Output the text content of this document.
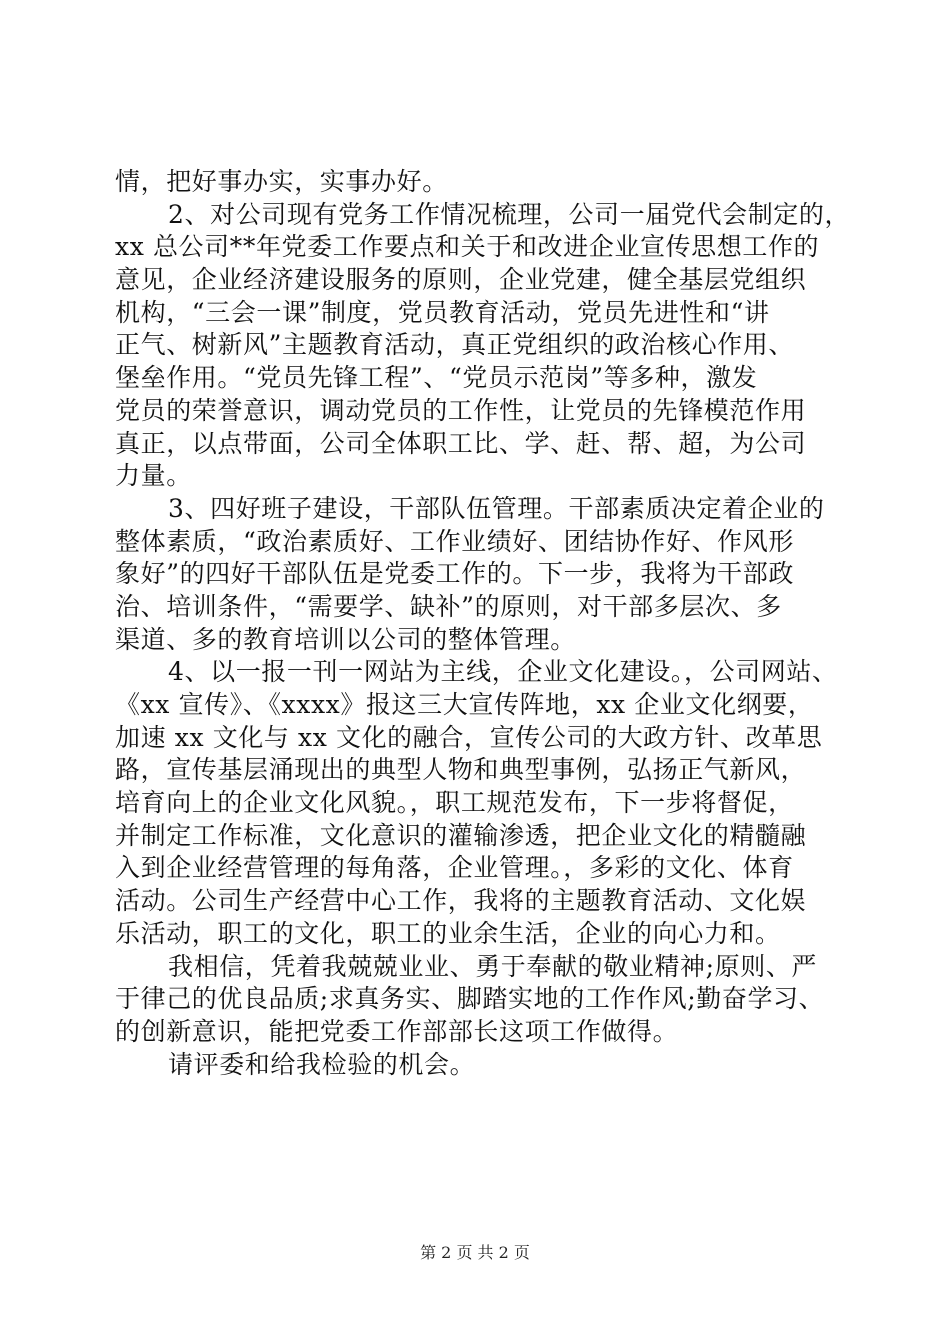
情，把好事办实，实事办好。
2、对公司现有党务工作情况梳理，公司一届党代会制定的，
xx 总公司**年党委工作要点和关于和改进企业宣传思想工作的
意见，企业经济建设服务的原则，企业党建，健全基层党组织
机构，“三会一课”制度，党员教育活动，党员先进性和“讲
正气、树新风”主题教育活动，真正党组织的政治核心作用、
堡垒作用。“党员先锋工程”、“党员示范岗”等多种，激发
党员的荣誉意识，调动党员的工作性，让党员的先锋模范作用
真正，以点带面，公司全体职工比、学、赶、帮、超，为公司
力量。
3、四好班子建设，干部队伍管理。干部素质决定着企业的
整体素质，“政治素质好、工作业绩好、团结协作好、作风形
象好”的四好干部队伍是党委工作的。下一步，我将为干部政
治、培训条件，“需要学、缺补”的原则，对干部多层次、多
渠道、多的教育培训以公司的整体管理。
4、以一报一刊一网站为主线，企业文化建设。，公司网站、
《xx 宣传》、《xxxx》报这三大宣传阵地，xx 企业文化纲要，
加速 xx 文化与 xx 文化的融合，宣传公司的大政方针、改革思
路，宣传基层涌现出的典型人物和典型事例，弘扬正气新风，
培育向上的企业文化风貌。，职工规范发布，下一步将督促，
并制定工作标准，文化意识的灌输渗透，把企业文化的精髓融
入到企业经营管理的每角落，企业管理。，多彩的文化、体育
活动。公司生产经营中心工作，我将的主题教育活动、文化娱
乐活动，职工的文化，职工的业余生活，企业的向心力和。
我相信，凭着我兢兢业业、勇于奉献的敬业精神;原则、严
于律己的优良品质;求真务实、脚踏实地的工作作风;勤奋学习、
的创新意识，能把党委工作部部长这项工作做得。
请评委和给我检验的机会。
第 2 页 共 2 页
